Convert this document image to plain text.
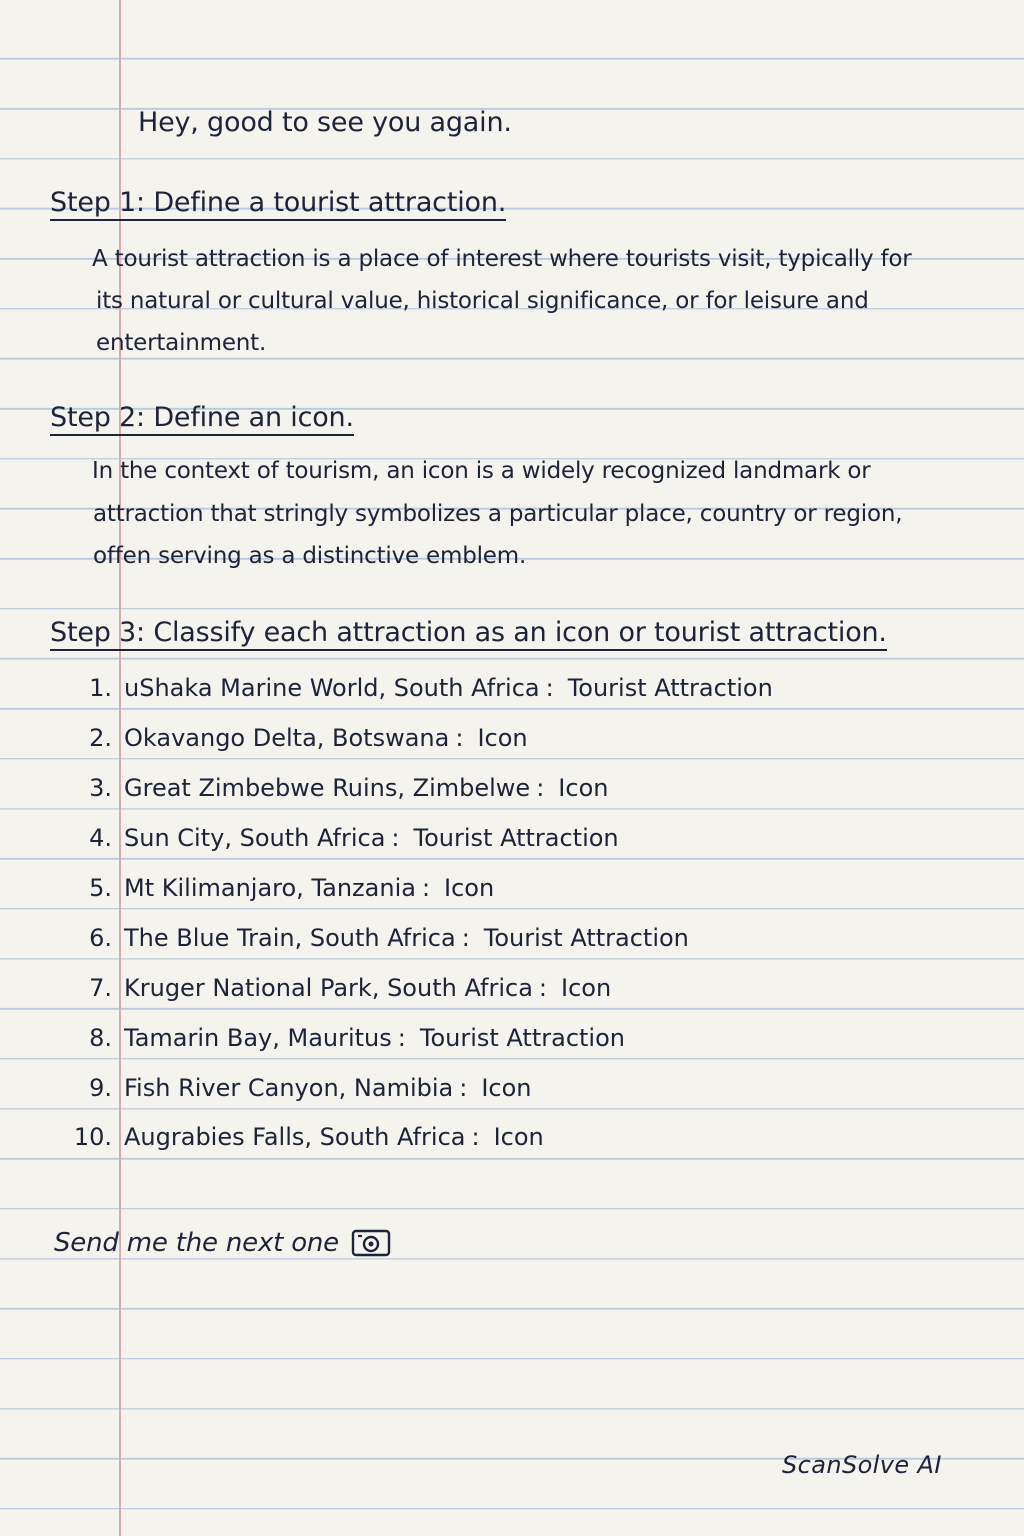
Hey, good to see you again.
Step 1: Define a tourist attraction.
A tourist attraction is a place of interest where tourists visit, typically for
its natural or cultural value, historical significance, or for leisure and
entertainment.
Step 2: Define an icon.
In the context of tourism, an icon is a widely recognized landmark or
attraction that stringly symbolizes a particular place, country or region,
offen serving as a distinctive emblem.
Step 3: Classify each attraction as an icon or tourist attraction.
1. uShaka Marine World, South Africa : Tourist Attraction
2. Okavango Delta, Botswana : Icon
3. Great Zimbebwe Ruins, Zimbelwe : Icon
4. Sun City, South Africa : Tourist Attraction
5. Mt Kilimanjaro, Tanzania : Icon
6. The Blue Train, South Africa : Tourist Attraction
7. Kruger National Park, South Africa : Icon
8. Tamarin Bay, Mauritus : Tourist Attraction
9. Fish River Canyon, Namibia : Icon
10. Augrabies Falls, South Africa : Icon
Send me the next one
ScanSolve AI
